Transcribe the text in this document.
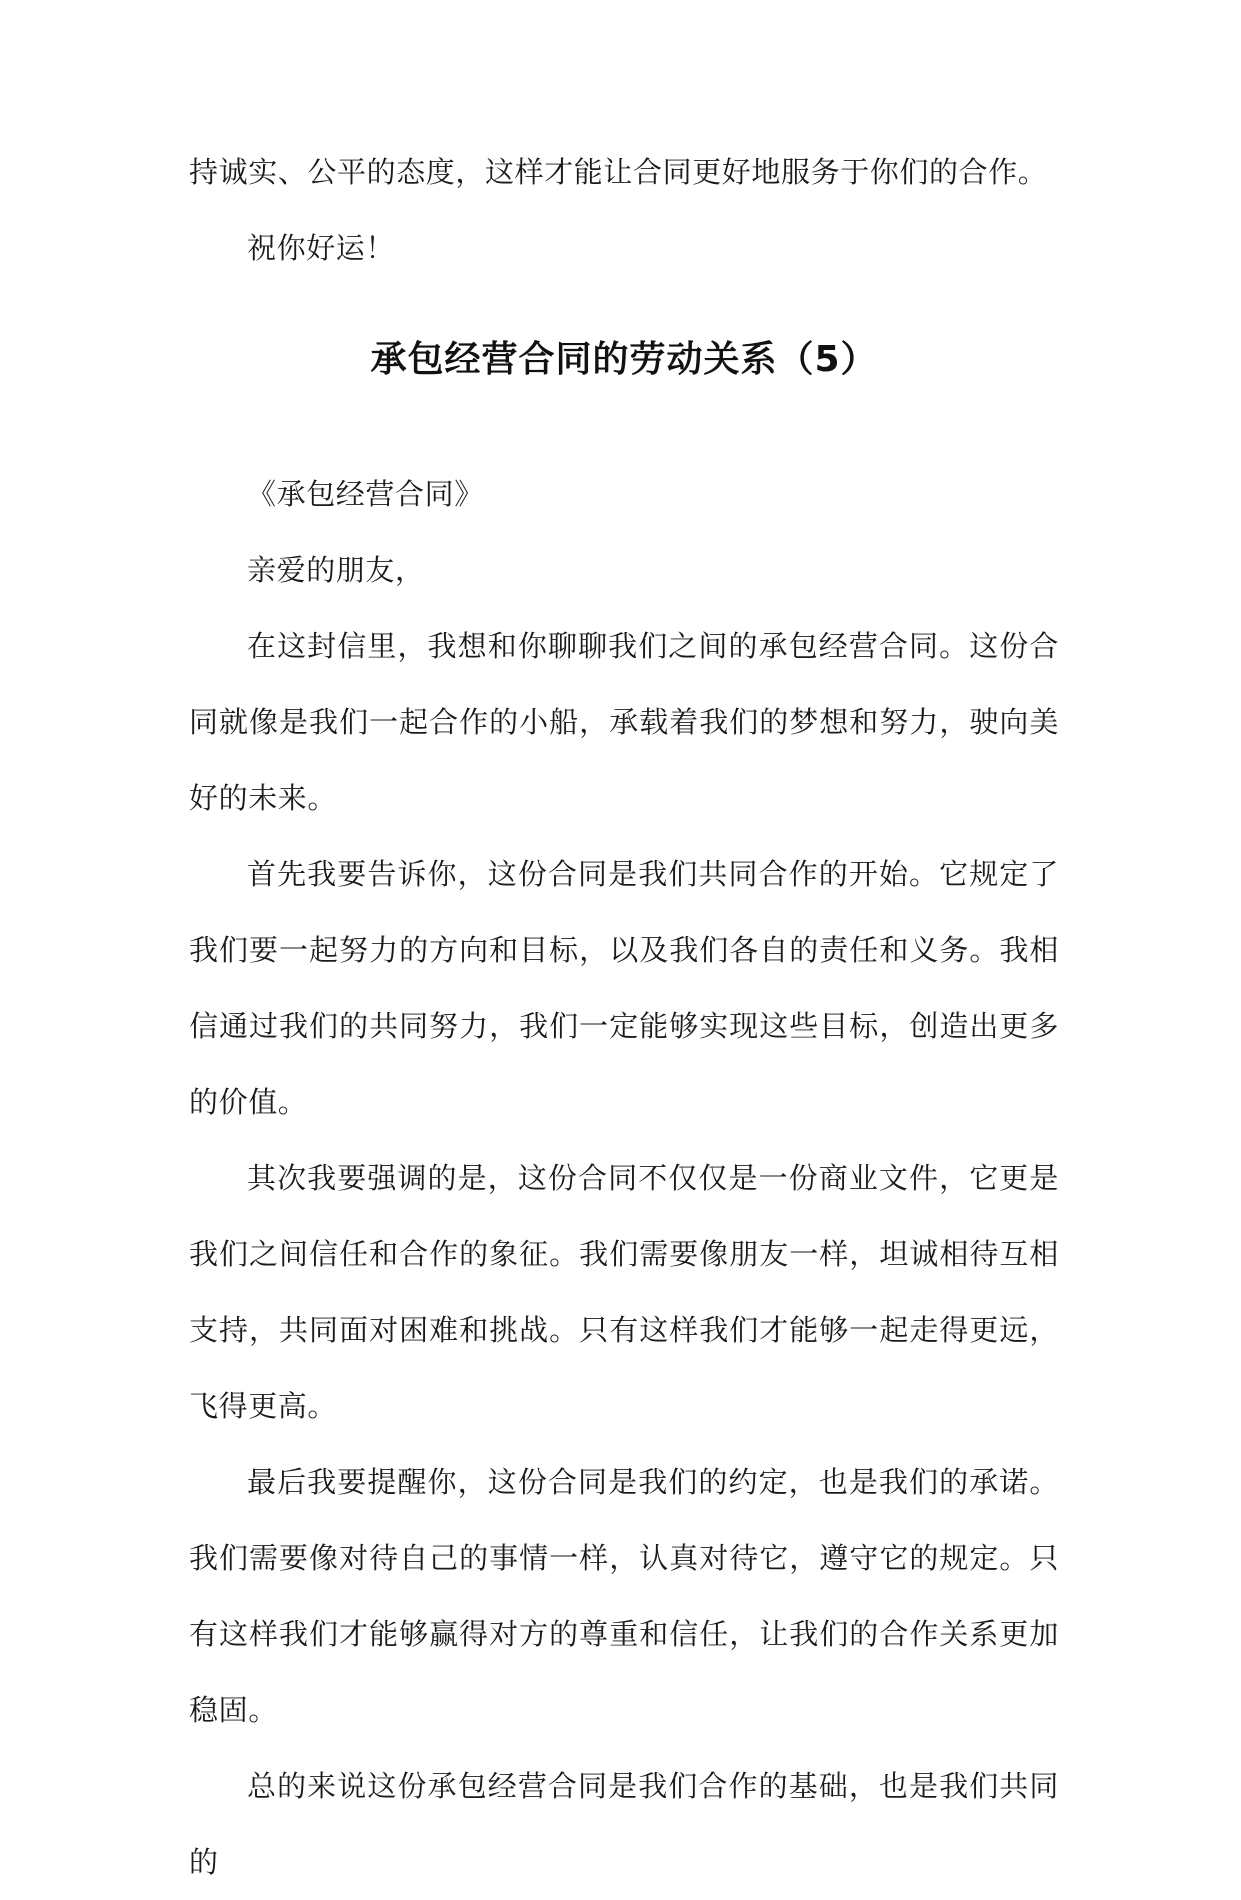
持诚实、公平的态度，这样才能让合同更好地服务于你们的合作。

祝你好运！

承包经营合同的劳动关系（5）

《承包经营合同》

亲爱的朋友，

在这封信里，我想和你聊聊我们之间的承包经营合同。这份合同就像是我们一起合作的小船，承载着我们的梦想和努力，驶向美好的未来。

首先我要告诉你，这份合同是我们共同合作的开始。它规定了我们要一起努力的方向和目标，以及我们各自的责任和义务。我相信通过我们的共同努力，我们一定能够实现这些目标，创造出更多的价值。

其次我要强调的是，这份合同不仅仅是一份商业文件，它更是我们之间信任和合作的象征。我们需要像朋友一样，坦诚相待互相支持，共同面对困难和挑战。只有这样我们才能够一起走得更远，飞得更高。

最后我要提醒你，这份合同是我们的约定，也是我们的承诺。我们需要像对待自己的事情一样，认真对待它，遵守它的规定。只有这样我们才能够赢得对方的尊重和信任，让我们的合作关系更加稳固。

总的来说这份承包经营合同是我们合作的基础，也是我们共同的
